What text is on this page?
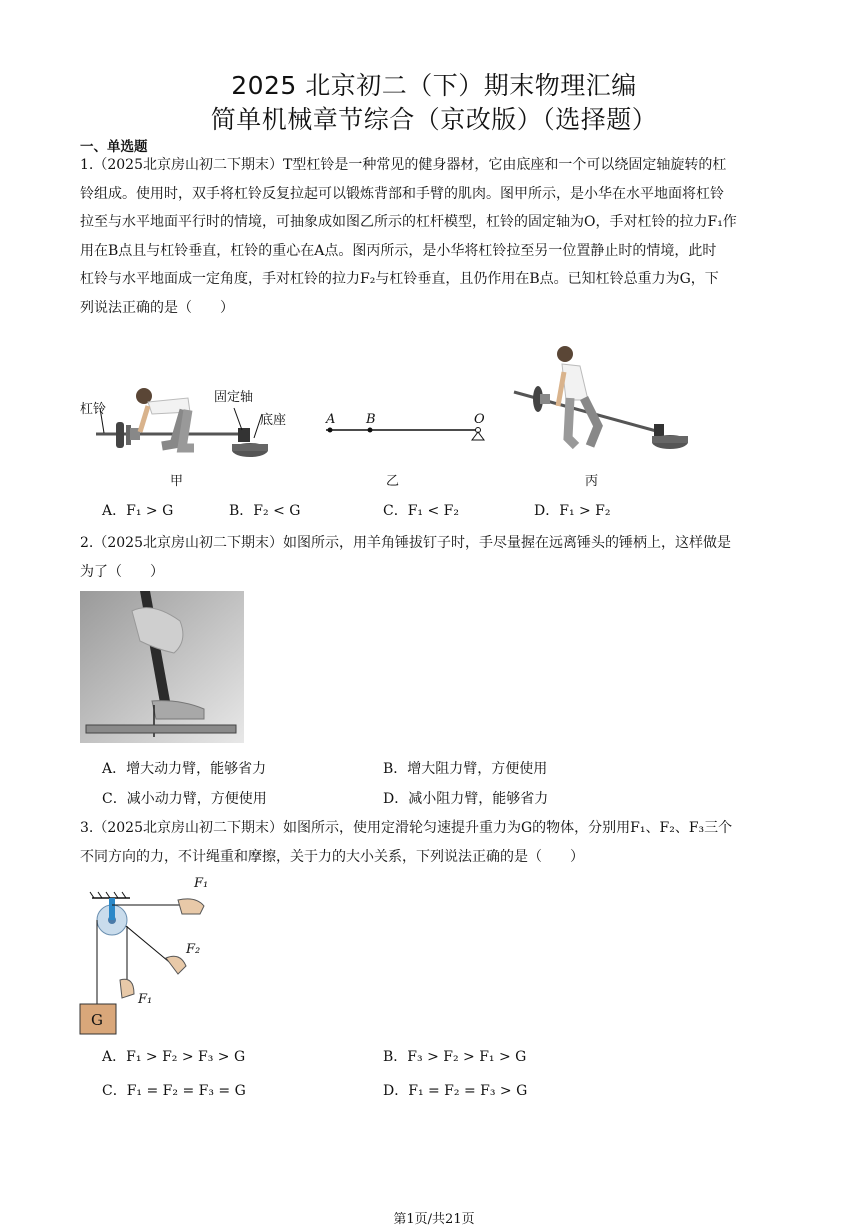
2025 北京初二（下）期末物理汇编
简单机械章节综合（京改版）（选择题）
一、单选题
1.（2025北京房山初二下期末）T型杠铃是一种常见的健身器材，它由底座和一个可以绕固定轴旋转的杠
铃组成。使用时，双手将杠铃反复拉起可以锻炼背部和手臂的肌肉。图甲所示，是小华在水平地面将杠铃
拉至与水平地面平行时的情境，可抽象成如图乙所示的杠杆模型，杠铃的固定轴为O，手对杠铃的拉力F₁作
用在B点且与杠铃垂直，杠铃的重心在A点。图丙所示，是小华将杠铃拉至另一位置静止时的情境，此时
杠铃与水平地面成一定角度，手对杠铃的拉力F₂与杠铃垂直，且仍作用在B点。已知杠铃总重力为G，下
列说法正确的是（　　）
杠铃
固定轴
底座	A B	O
甲	乙	丙
A．F₁ > G	B．F₂ < G	C．F₁ < F₂	D．F₁ > F₂
2.（2025北京房山初二下期末）如图所示，用羊角锤拔钉子时，手尽量握在远离锤头的锤柄上，这样做是
为了（　　）
A．增大动力臂，能够省力	B．增大阻力臂，方便使用
C．减小动力臂，方便使用	D．减小阻力臂，能够省力
3.（2025北京房山初二下期末）如图所示，使用定滑轮匀速提升重力为G的物体，分别用F₁、F₂、F₃三个
不同方向的力，不计绳重和摩擦，关于力的大小关系，下列说法正确的是（　　）
F₁
F₂
F₁
G
A．F₁ > F₂ > F₃ > G	B．F₃ > F₂ > F₁ > G
C．F₁ = F₂ = F₃ = G	D．F₁ = F₂ = F₃ > G
第1页/共21页
